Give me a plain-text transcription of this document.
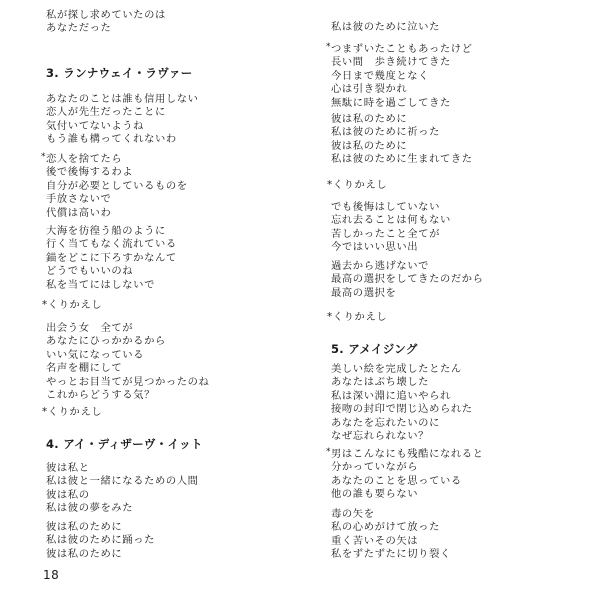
私が探し求めていたのは
あなただった
3. ランナウェイ・ラヴァー
あなたのことは誰も信用しない
恋人が先生だったことに
気付いてないようね
もう誰も構ってくれないわ
* 恋人を捨てたら
後で後悔するわよ
自分が必要としているものを
手放さないで
代償は高いわ
大海を彷徨う船のように
行く当てもなく流れている
錨をどこに下ろすかなんて
どうでもいいのね
私を当てにはしないで
*くりかえし
出会う女　全てが
あなたにひっかかるから
いい気になっている
名声を棚にして
やっとお目当てが見つかったのね
これからどうする気？
*くりかえし
4. アイ・ディザーヴ・イット
彼は私と
私は彼と一緒になるための人間
彼は私の
私は彼の夢をみた
彼は私のために
私は彼のために踊った
彼は私のために
私は彼のために泣いた
* つまずいたこともあったけど
長い間　歩き続けてきた
今日まで幾度となく
心は引き裂かれ
無駄に時を過ごしてきた
彼は私のために
私は彼のために祈った
彼は私のために
私は彼のために生まれてきた
*くりかえし
でも後悔はしていない
忘れ去ることは何もない
苦しかったこと全てが
今ではいい思い出
過去から逃げないで
最高の選択をしてきたのだから
最高の選択を
*くりかえし
5. アメイジング
美しい絵を完成したとたん
あなたはぶち壊した
私は深い淵に追いやられ
接吻の封印で閉じ込められた
あなたを忘れたいのに
なぜ忘れられない？
* 男はこんなにも残酷になれると
分かっていながら
あなたのことを思っている
他の誰も要らない
毒の矢を
私の心めがけて放った
重く苦いその矢は
私をずたずたに切り裂く
18
